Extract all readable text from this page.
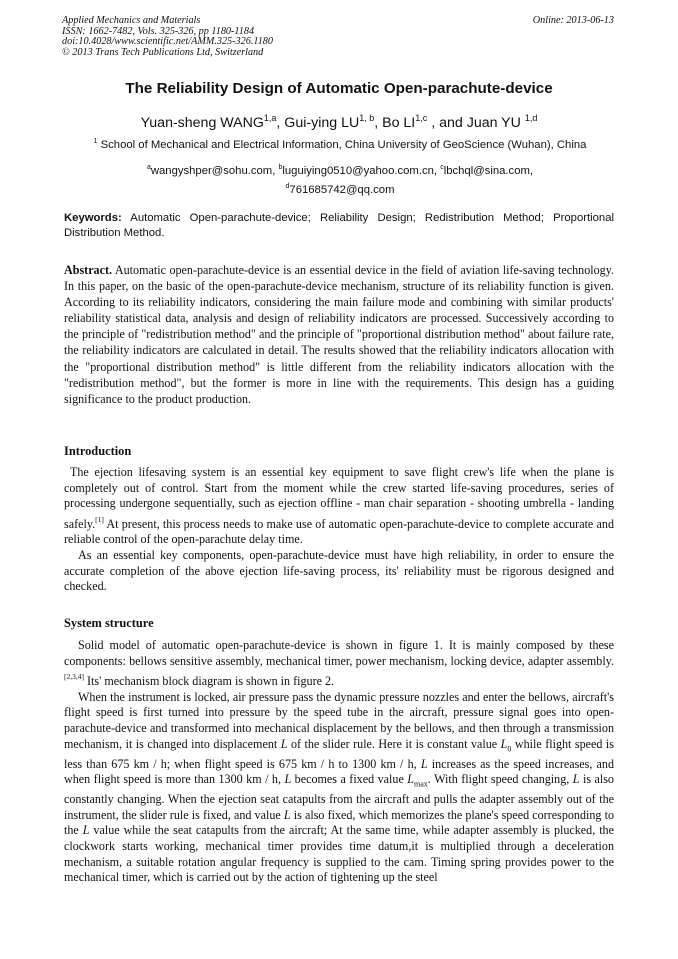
Applied Mechanics and Materials
ISSN: 1662-7482, Vols. 325-326, pp 1180-1184
doi:10.4028/www.scientific.net/AMM.325-326.1180
© 2013 Trans Tech Publications Ltd, Switzerland
Online: 2013-06-13
The Reliability Design of Automatic Open-parachute-device
Yuan-sheng WANG$^{1,a}$, Gui-ying LU$^{1, b}$, Bo LI$^{1,c}$ , and Juan YU $^{1,d}$
$^1$ School of Mechanical and Electrical Information, China University of GeoScience (Wuhan), China
$^a$wangyshper@sohu.com, $^b$luguiying0510@yahoo.com.cn, $^c$lbchql@sina.com,
$^d$761685742@qq.com
Keywords: Automatic Open-parachute-device; Reliability Design; Redistribution Method; Proportional Distribution Method.
Abstract. Automatic open-parachute-device is an essential device in the field of aviation life-saving technology. In this paper, on the basic of the open-parachute-device mechanism, structure of its reliability function is given. According to its reliability indicators, considering the main failure mode and combining with similar products' reliability statistical data, analysis and design of reliability indicators are processed. Successively according to the principle of "redistribution method" and the principle of "proportional distribution method" about failure rate, the reliability indicators are calculated in detail. The results showed that the reliability indicators allocation with the "proportional distribution method" is little different from the reliability indicators allocation with the "redistribution method", but the former is more in line with the requirements. This design has a guiding significance to the product production.
Introduction

The ejection lifesaving system is an essential key equipment to save flight crew's life when the plane is completely out of control. Start from the moment while the crew started life-saving procedures, series of processing undergone sequentially, such as ejection offline - man chair separation - shooting umbrella - landing safely.[1] At present, this process needs to make use of automatic open-parachute-device to complete accurate and reliable control of the open-parachute delay time.

As an essential key components, open-parachute-device must have high reliability, in order to ensure the accurate completion of the above ejection life-saving process, its' reliability must be rigorous designed and checked.

System structure

Solid model of automatic open-parachute-device is shown in figure 1. It is mainly composed by these components: bellows sensitive assembly, mechanical timer, power mechanism, locking device, adapter assembly. [2,3,4] Its' mechanism block diagram is shown in figure 2.

When the instrument is locked, air pressure pass the dynamic pressure nozzles and enter the bellows, aircraft's flight speed is first turned into pressure by the speed tube in the aircraft, pressure signal goes into open-parachute-device and transformed into mechanical displacement by the bellows, and then through a transmission mechanism, it is changed into displacement L of the slider rule. Here it is constant value $L_0$ while flight speed is less than 675 km / h; when flight speed is 675 km / h to 1300 km / h, L increases as the speed increases, and when flight speed is more than 1300 km / h, L becomes a fixed value $L_{max}$. With flight speed changing, L is also constantly changing. When the ejection seat catapults from the aircraft and pulls the adapter assembly out of the instrument, the slider rule is fixed, and value L is also fixed, which memorizes the plane's speed corresponding to the L value while the seat catapults from the aircraft; At the same time, while adapter assembly is plucked, the clockwork starts working, mechanical timer provides time datum,it is multiplied through a deceleration mechanism, a suitable rotation angular frequency is supplied to the cam. Timing spring provides power to the mechanical timer, which is carried out by the action of tightening up the steel
